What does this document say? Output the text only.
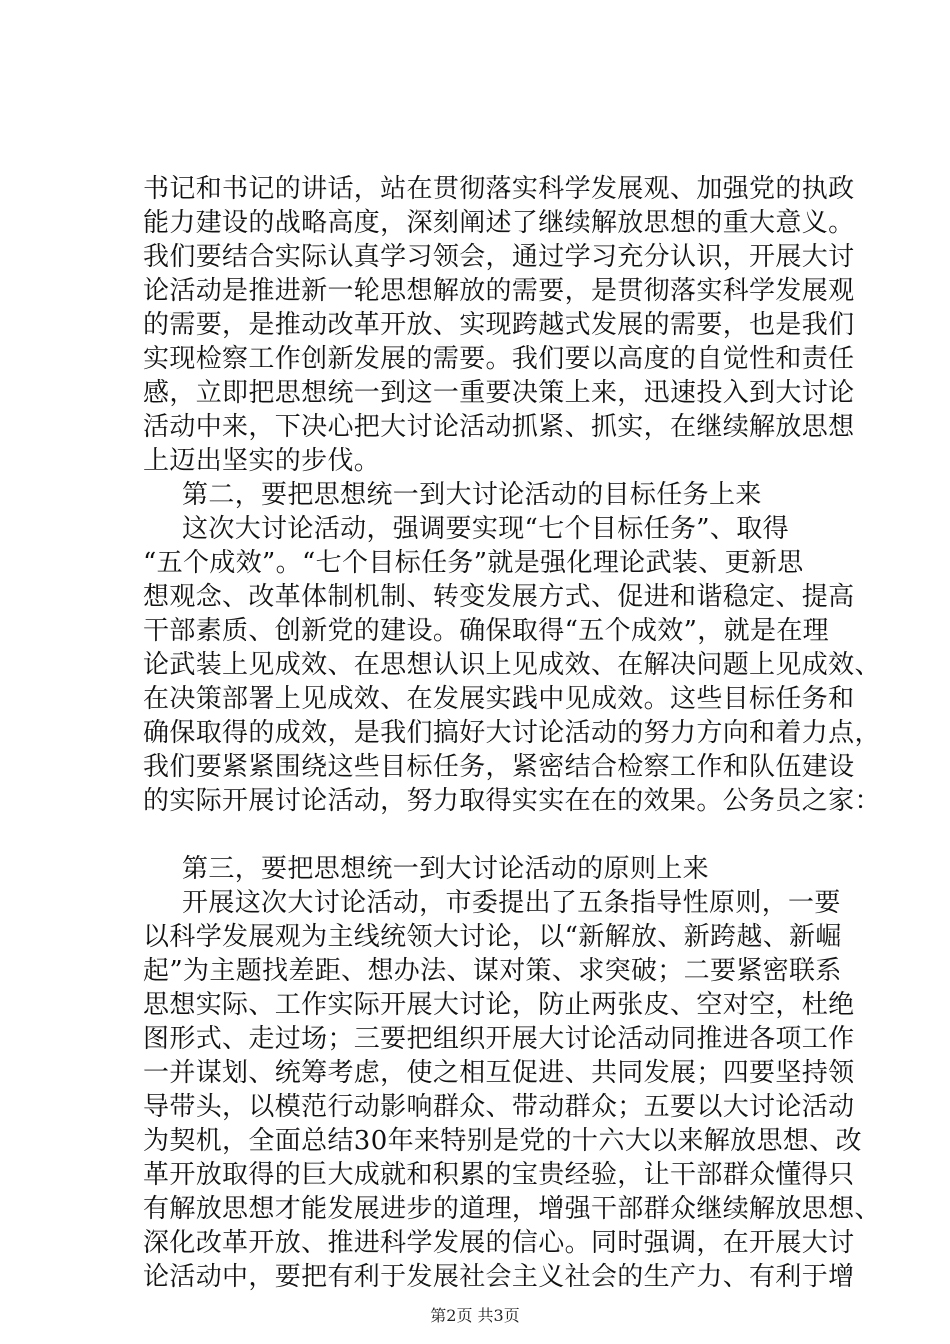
书记和书记的讲话，站在贯彻落实科学发展观、加强党的执政
能力建设的战略高度，深刻阐述了继续解放思想的重大意义。
我们要结合实际认真学习领会，通过学习充分认识，开展大讨
论活动是推进新一轮思想解放的需要，是贯彻落实科学发展观
的需要，是推动改革开放、实现跨越式发展的需要，也是我们
实现检察工作创新发展的需要。我们要以高度的自觉性和责任
感，立即把思想统一到这一重要决策上来，迅速投入到大讨论
活动中来，下决心把大讨论活动抓紧、抓实，在继续解放思想
上迈出坚实的步伐。
第二，要把思想统一到大讨论活动的目标任务上来
这次大讨论活动，强调要实现“七个目标任务”、取得
“五个成效”。“七个目标任务”就是强化理论武装、更新思
想观念、改革体制机制、转变发展方式、促进和谐稳定、提高
干部素质、创新党的建设。确保取得“五个成效”，就是在理
论武装上见成效、在思想认识上见成效、在解决问题上见成效、
在决策部署上见成效、在发展实践中见成效。这些目标任务和
确保取得的成效，是我们搞好大讨论活动的努力方向和着力点，
我们要紧紧围绕这些目标任务，紧密结合检察工作和队伍建设
的实际开展讨论活动，努力取得实实在在的效果。公务员之家：
第三，要把思想统一到大讨论活动的原则上来
开展这次大讨论活动，市委提出了五条指导性原则，一要
以科学发展观为主线统领大讨论，以“新解放、新跨越、新崛
起”为主题找差距、想办法、谋对策、求突破；二要紧密联系
思想实际、工作实际开展大讨论，防止两张皮、空对空，杜绝
图形式、走过场；三要把组织开展大讨论活动同推进各项工作
一并谋划、统筹考虑，使之相互促进、共同发展；四要坚持领
导带头，以模范行动影响群众、带动群众；五要以大讨论活动
为契机，全面总结30年来特别是党的十六大以来解放思想、改
革开放取得的巨大成就和积累的宝贵经验，让干部群众懂得只
有解放思想才能发展进步的道理，增强干部群众继续解放思想、
深化改革开放、推进科学发展的信心。同时强调，在开展大讨
论活动中，要把有利于发展社会主义社会的生产力、有利于增
第2页 共3页
